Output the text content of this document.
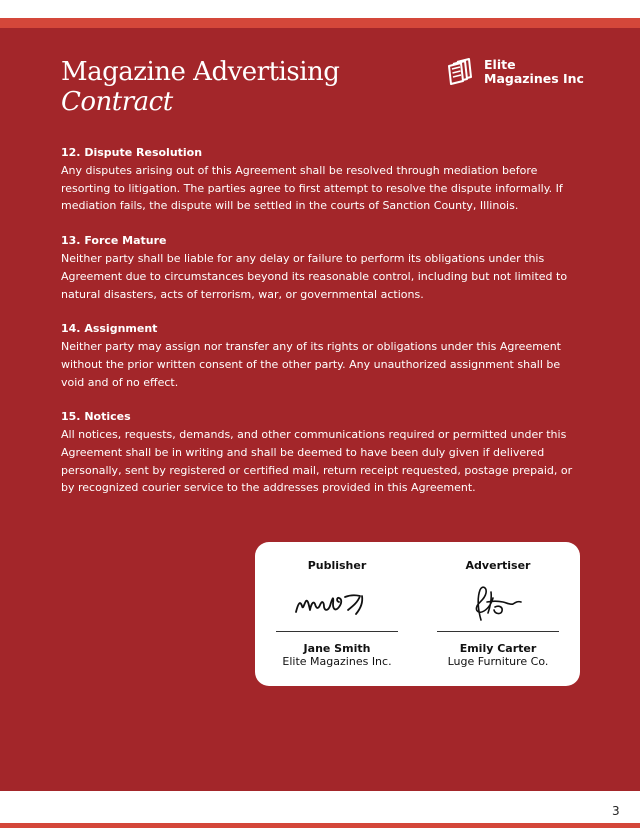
Magazine Advertising
Contract
Elite
Magazines Inc
12. Dispute Resolution

Any disputes arising out of this Agreement shall be resolved through mediation before resorting to litigation. The parties agree to first attempt to resolve the dispute informally. If mediation fails, the dispute will be settled in the courts of Sanction County, Illinois.

13. Force Mature

Neither party shall be liable for any delay or failure to perform its obligations under this Agreement due to circumstances beyond its reasonable control, including but not limited to natural disasters, acts of terrorism, war, or governmental actions.

14. Assignment

Neither party may assign nor transfer any of its rights or obligations under this Agreement without the prior written consent of the other party. Any unauthorized assignment shall be void and of no effect.

15. Notices

All notices, requests, demands, and other communications required or permitted under this Agreement shall be in writing and shall be deemed to have been duly given if delivered personally, sent by registered or certified mail, return receipt requested, postage prepaid, or by recognized courier service to the addresses provided in this Agreement.

Publisher
Jane Smith
Elite Magazines Inc.
Advertiser
Emily Carter
Luge Furniture Co.
3
